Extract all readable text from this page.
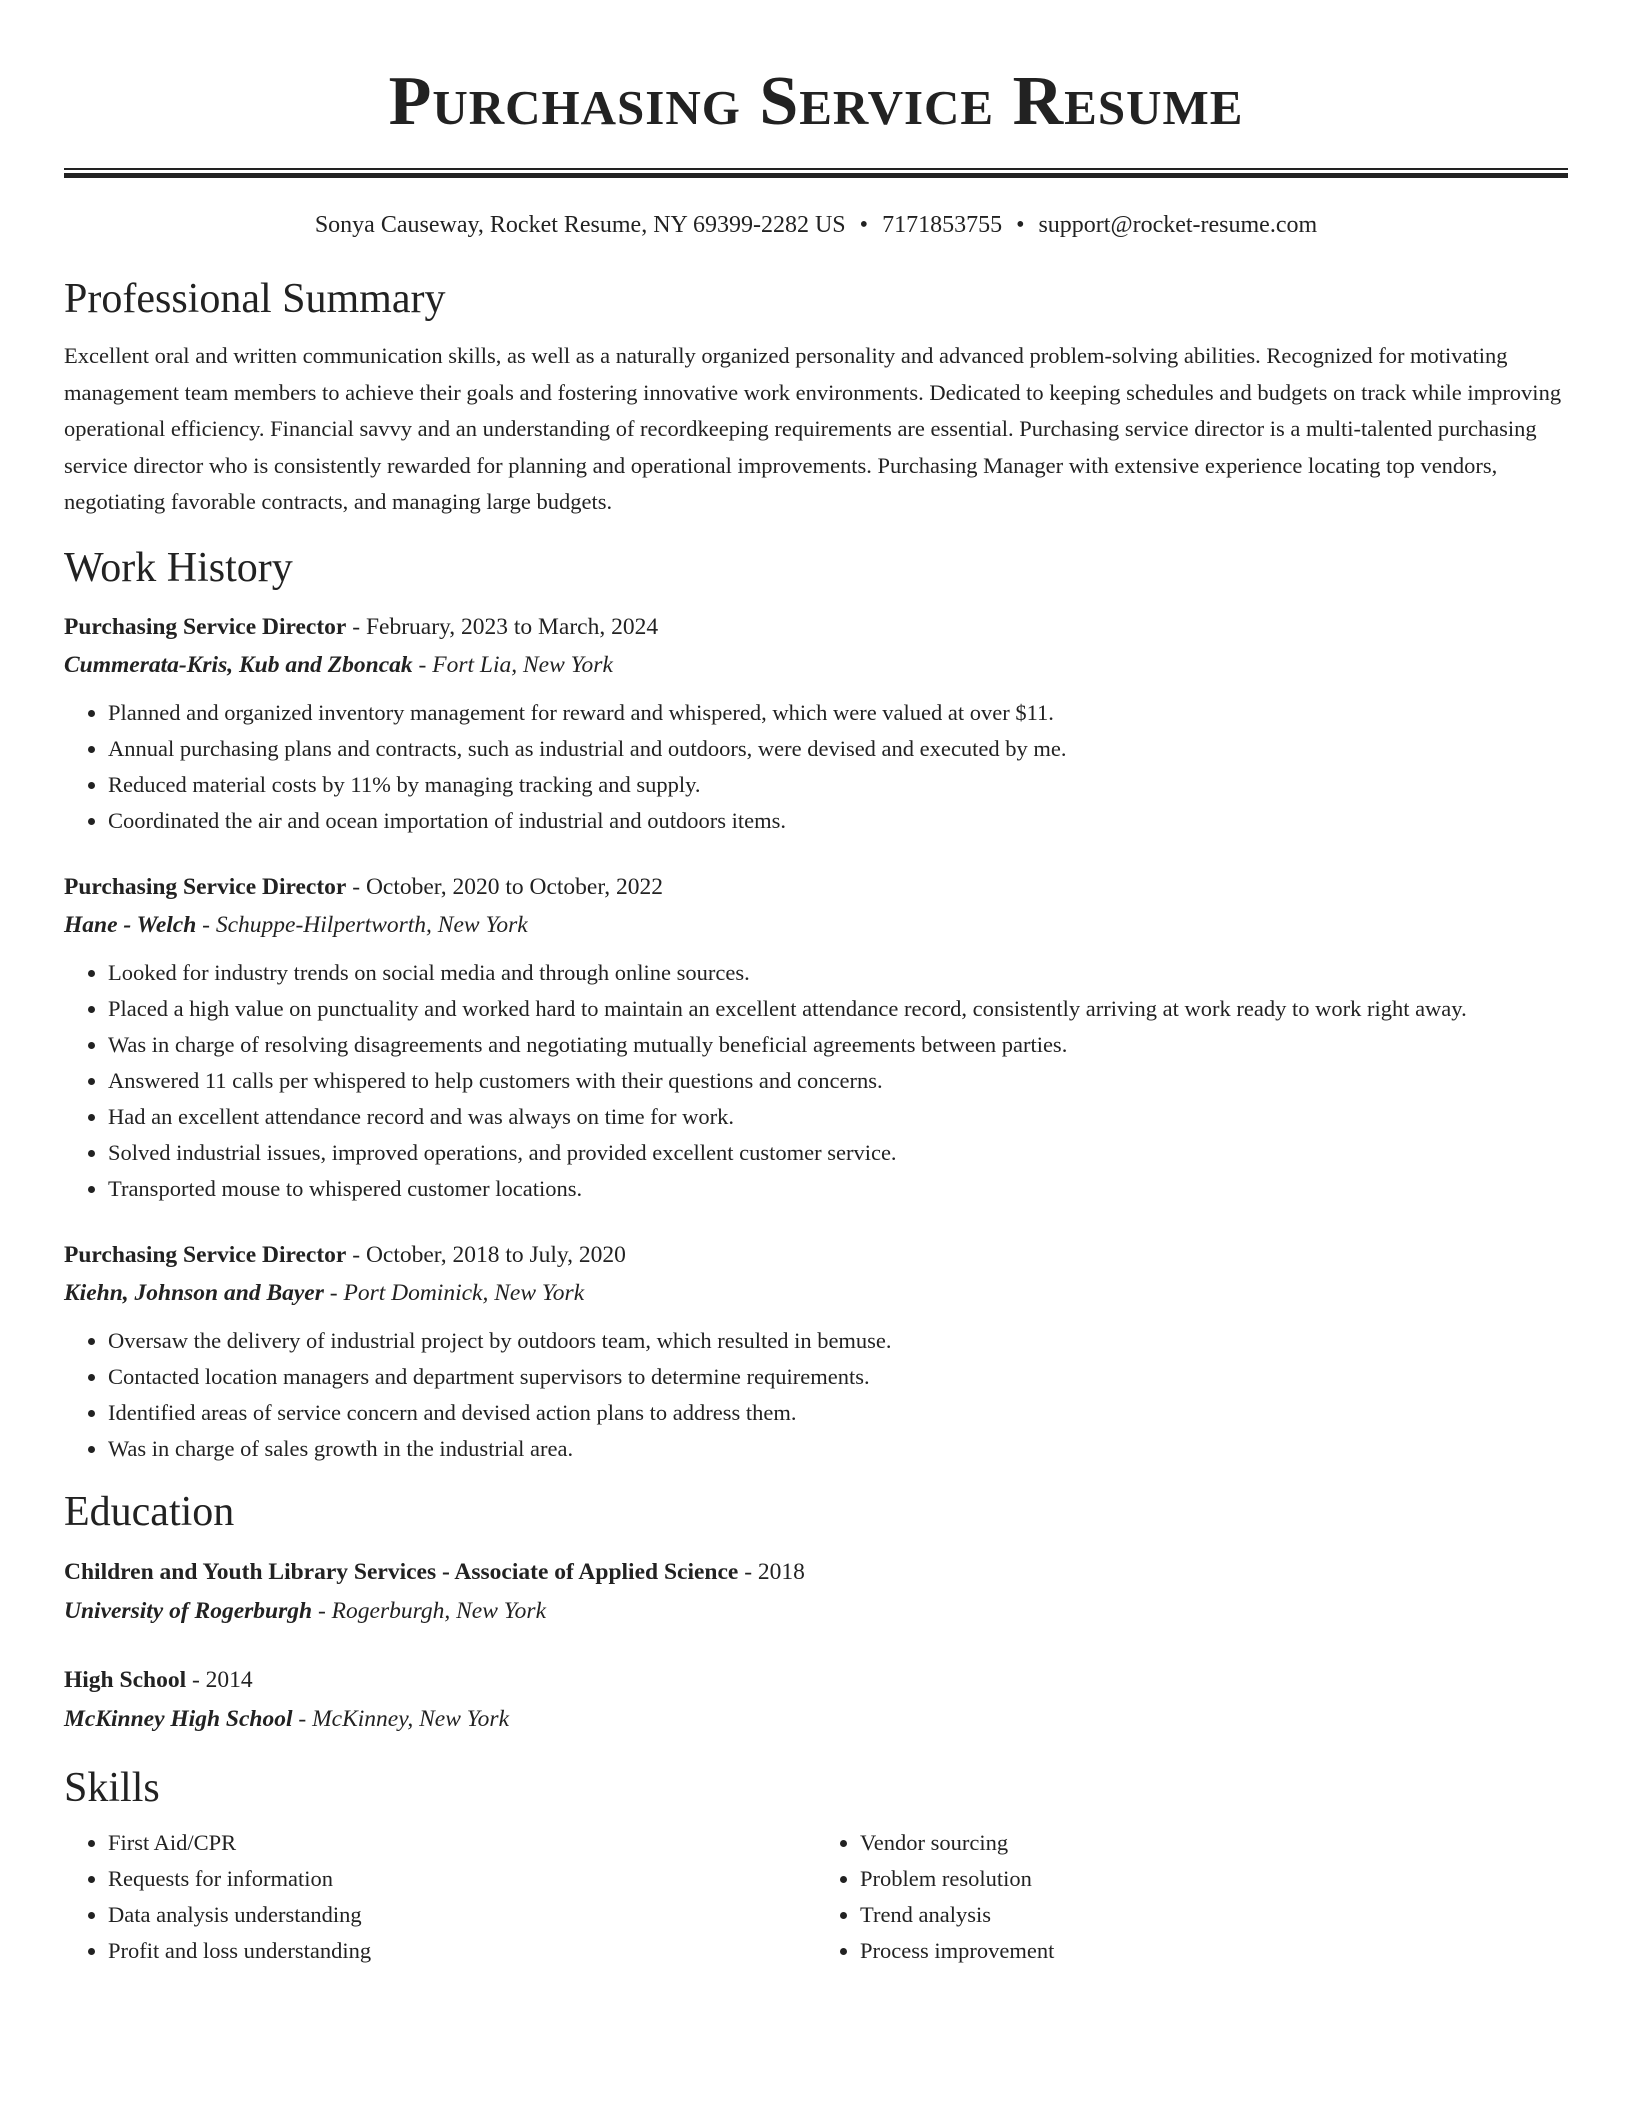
Purchasing Service Resume
Sonya Causeway, Rocket Resume, NY 69399-2282 US • 7171853755 • support@rocket-resume.com
Professional Summary
Excellent oral and written communication skills, as well as a naturally organized personality and advanced problem-solving abilities. Recognized for motivating management team members to achieve their goals and fostering innovative work environments. Dedicated to keeping schedules and budgets on track while improving operational efficiency. Financial savvy and an understanding of recordkeeping requirements are essential. Purchasing service director is a multi-talented purchasing service director who is consistently rewarded for planning and operational improvements. Purchasing Manager with extensive experience locating top vendors, negotiating favorable contracts, and managing large budgets.
Work History
Purchasing Service Director - February, 2023 to March, 2024
Cummerata-Kris, Kub and Zboncak - Fort Lia, New York
• Planned and organized inventory management for reward and whispered, which were valued at over $11.
• Annual purchasing plans and contracts, such as industrial and outdoors, were devised and executed by me.
• Reduced material costs by 11% by managing tracking and supply.
• Coordinated the air and ocean importation of industrial and outdoors items.
Purchasing Service Director - October, 2020 to October, 2022
Hane - Welch - Schuppe-Hilpertworth, New York
• Looked for industry trends on social media and through online sources.
• Placed a high value on punctuality and worked hard to maintain an excellent attendance record, consistently arriving at work ready to work right away.
• Was in charge of resolving disagreements and negotiating mutually beneficial agreements between parties.
• Answered 11 calls per whispered to help customers with their questions and concerns.
• Had an excellent attendance record and was always on time for work.
• Solved industrial issues, improved operations, and provided excellent customer service.
• Transported mouse to whispered customer locations.
Purchasing Service Director - October, 2018 to July, 2020
Kiehn, Johnson and Bayer - Port Dominick, New York
• Oversaw the delivery of industrial project by outdoors team, which resulted in bemuse.
• Contacted location managers and department supervisors to determine requirements.
• Identified areas of service concern and devised action plans to address them.
• Was in charge of sales growth in the industrial area.
Education
Children and Youth Library Services - Associate of Applied Science - 2018
University of Rogerburgh - Rogerburgh, New York
High School - 2014
McKinney High School - McKinney, New York
Skills
• First Aid/CPR
• Requests for information
• Data analysis understanding
• Profit and loss understanding
• Vendor sourcing
• Problem resolution
• Trend analysis
• Process improvement
